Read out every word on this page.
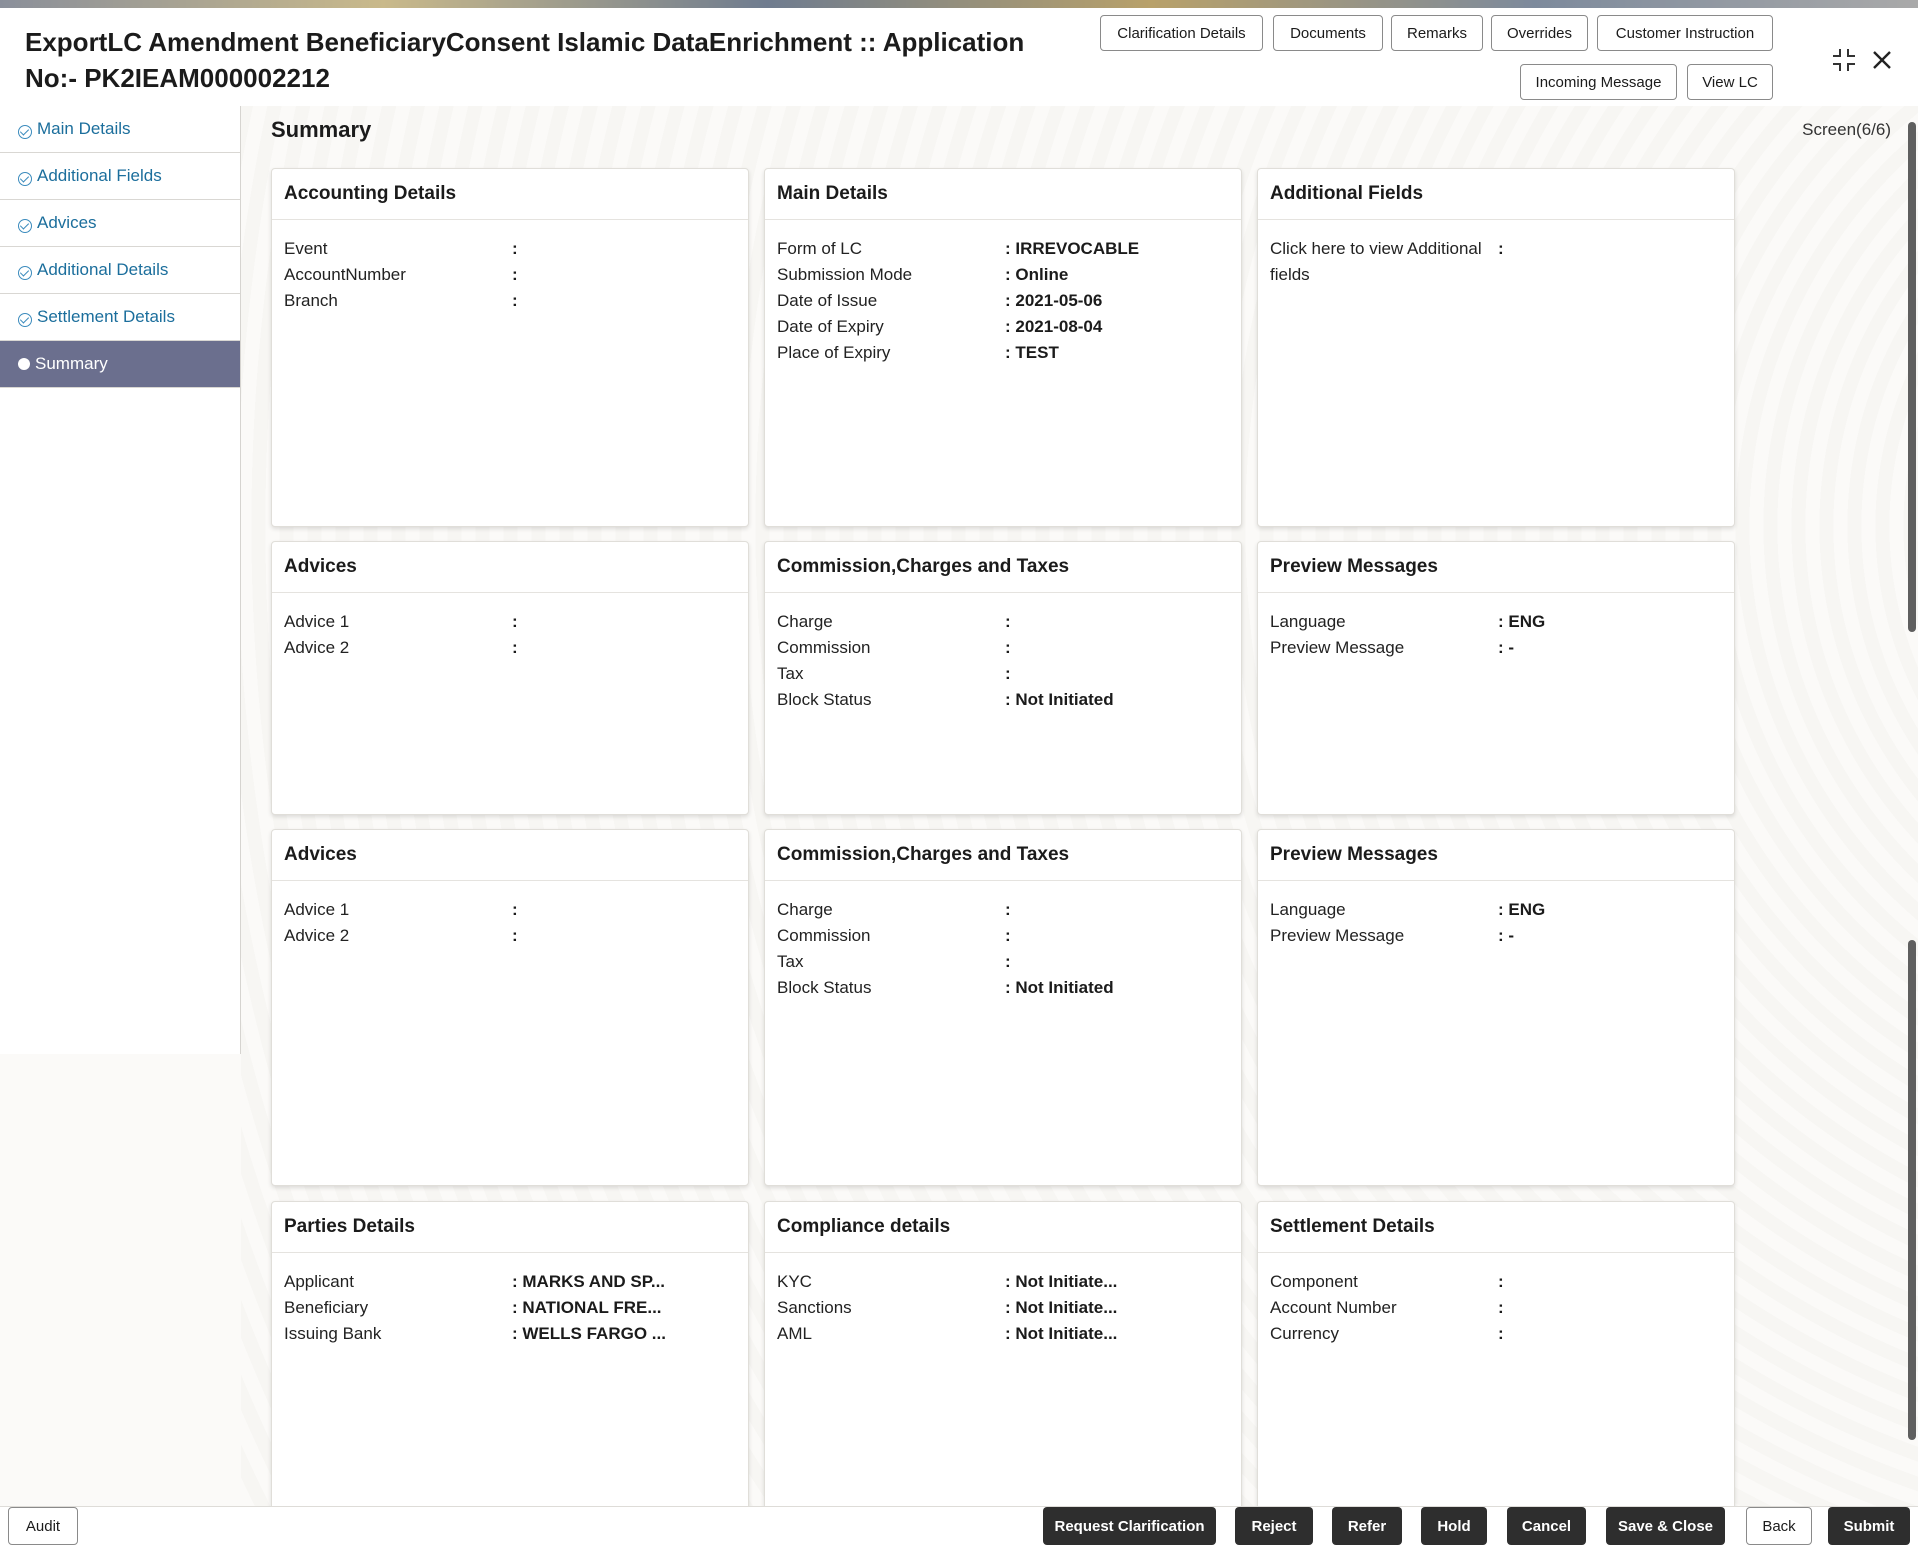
ExportLC Amendment BeneficiaryConsent Islamic DataEnrichment :: Application
No:- PK2IEAM000002212
Clarification Details	Documents	Remarks	Overrides	Customer Instruction
Incoming Message	View LC
Main Details
Additional Fields
Advices
Additional Details
Settlement Details
Summary
Summary	Screen(6/6)
Accounting Details
Event	:
AccountNumber	:
Branch	:
Main Details
Form of LC	: IRREVOCABLE
Submission Mode	: Online
Date of Issue	: 2021-05-06
Date of Expiry	: 2021-08-04
Place of Expiry	: TEST
Additional Fields
Click here to view Additional fields
:
Advices
Advice 1	:
Advice 2	:
Commission,Charges and Taxes
Charge	:
Commission	:
Tax	:
Block Status	: Not Initiated
Preview Messages
Language	: ENG
Preview Message	: -
Advices
Advice 1	:
Advice 2	:
Commission,Charges and Taxes
Charge	:
Commission	:
Tax	:
Block Status	: Not Initiated
Preview Messages
Language	: ENG
Preview Message	: -
Parties Details
Applicant	: MARKS AND SP...
Beneficiary	: NATIONAL FRE...
Issuing Bank	: WELLS FARGO ...
Compliance details
KYC	: Not Initiate...
Sanctions	: Not Initiate...
AML	: Not Initiate...
Settlement Details
Component	:
Account Number	:
Currency	:
Audit	Request Clarification	Reject	Refer	Hold	Cancel	Save & Close	Back	Submit
